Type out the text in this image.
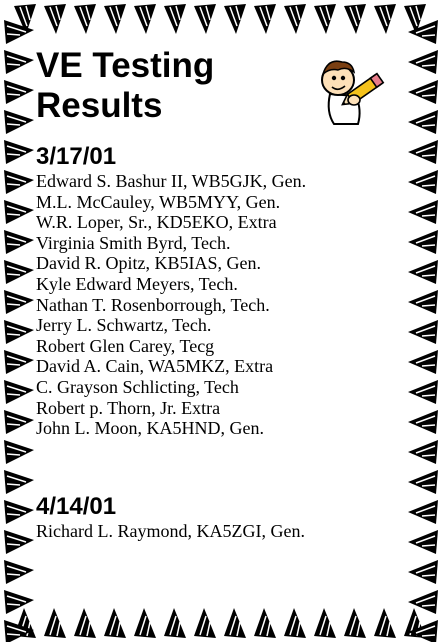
VE Testing Results
3/17/01
Edward S. Bashur II, WB5GJK, Gen.
M.L. McCauley, WB5MYY, Gen.
W.R. Loper, Sr., KD5EKO, Extra
Virginia Smith Byrd, Tech.
David R. Opitz, KB5IAS, Gen.
Kyle Edward Meyers, Tech.
Nathan T. Rosenborrough, Tech.
Jerry L. Schwartz, Tech.
Robert Glen Carey, Tecg
David A. Cain, WA5MKZ, Extra
C. Grayson Schlicting, Tech
Robert p. Thorn, Jr. Extra
John L. Moon, KA5HND, Gen.
4/14/01
Richard L. Raymond, KA5ZGI, Gen.
